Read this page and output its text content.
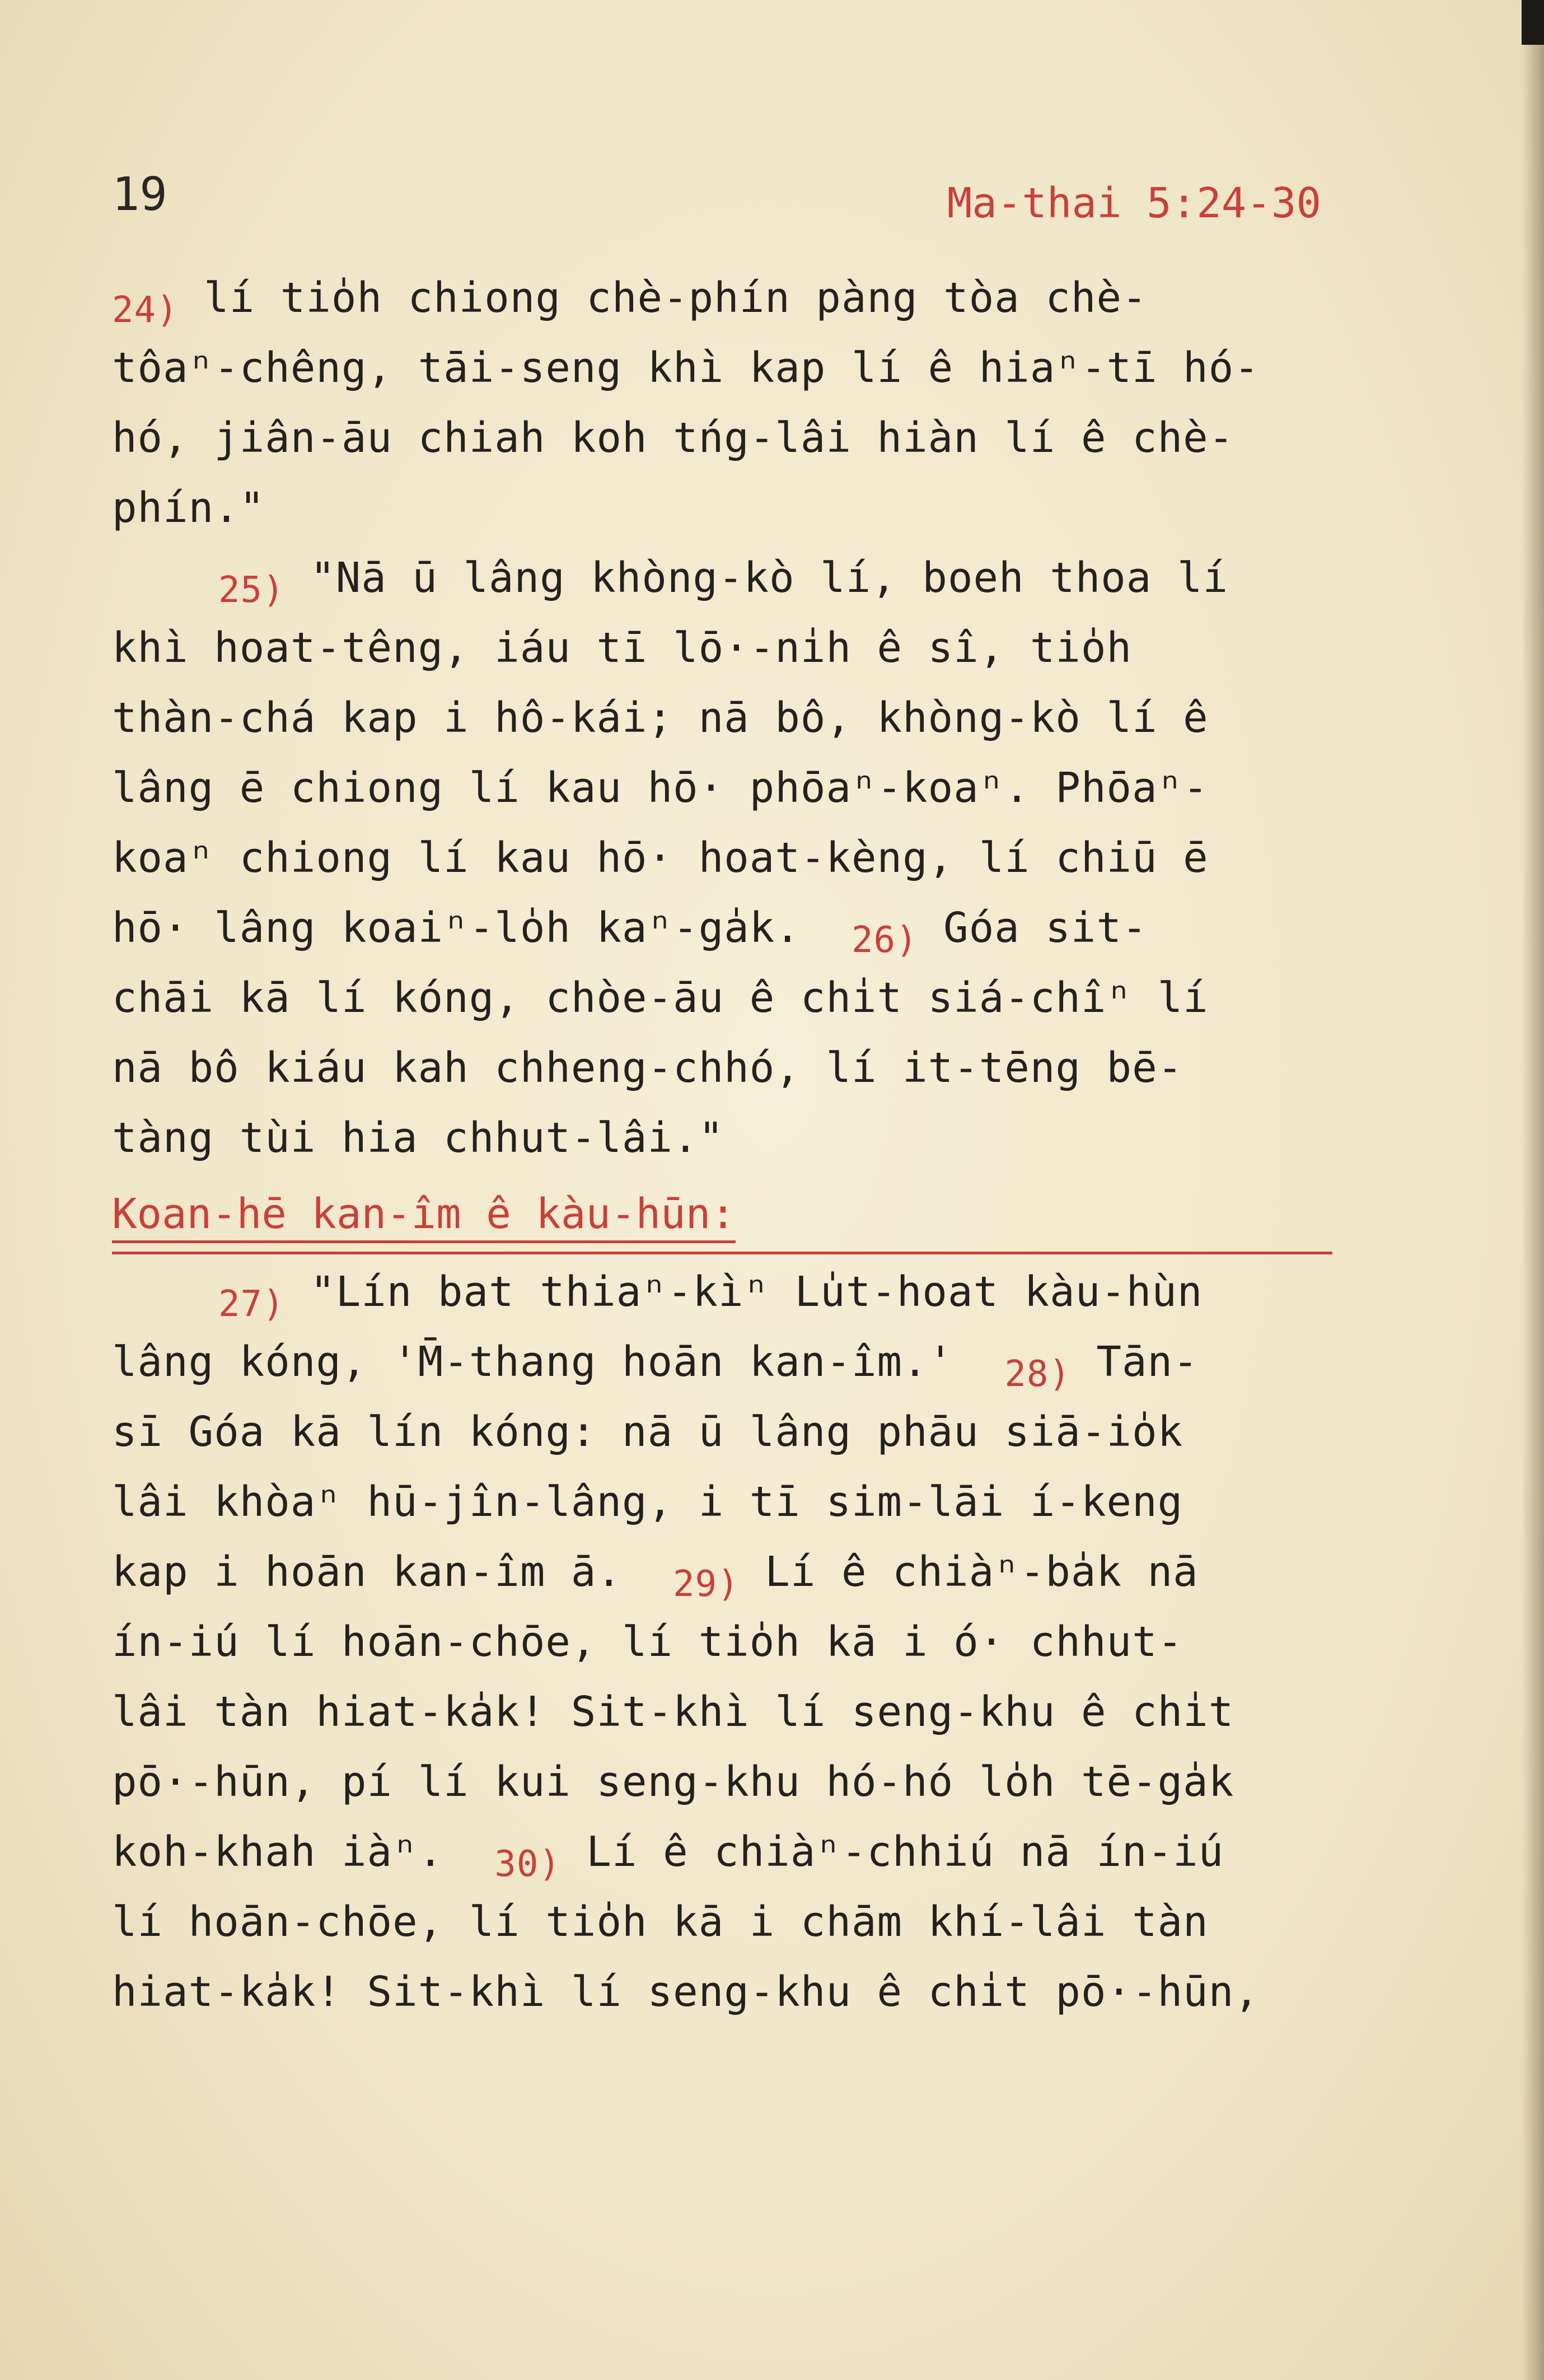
19	Ma-thai 5:24-30
24) lí tio̍h chiong chè-phín pàng tòa chè-
tôaⁿ-chêng, tāi-seng khì kap lí ê hiaⁿ-tī hó-
hó, jiân-āu chiah koh tńg-lâi hiàn lí ê chè-
phín."
25) "Nā ū lâng khòng-kò lí, boeh thoa lí
khì hoat-têng, iáu tī lō·-ni̍h ê sî, tio̍h
thàn-chá kap i hô-kái; nā bô, khòng-kò lí ê
lâng ē chiong lí kau hō· phōaⁿ-koaⁿ. Phōaⁿ-
koaⁿ chiong lí kau hō· hoat-kèng, lí chiū ē
hō· lâng koaiⁿ-lo̍h kaⁿ-ga̍k.  26) Góa sit-
chāi kā lí kóng, chòe-āu ê chi̍t siá-chîⁿ lí
nā bô kiáu kah chheng-chhó, lí it-tēng bē-
tàng tùi hia chhut-lâi."
Koan-hē kan-îm ê kàu-hūn:
27) "Lín bat thiaⁿ-kìⁿ Lu̍t-hoat kàu-hùn
lâng kóng, 'M̄-thang hoān kan-îm.'  28) Tān-
sī Góa kā lín kóng: nā ū lâng phāu siā-io̍k
lâi khòaⁿ hū-jîn-lâng, i tī sim-lāi í-keng
kap i hoān kan-îm ā.  29) Lí ê chiàⁿ-ba̍k nā
ín-iú lí hoān-chōe, lí tio̍h kā i ó· chhut-
lâi tàn hiat-ka̍k! Sit-khì lí seng-khu ê chi̍t
pō·-hūn, pí lí kui seng-khu hó-hó lo̍h tē-ga̍k
koh-khah iàⁿ.  30) Lí ê chiàⁿ-chhiú nā ín-iú
lí hoān-chōe, lí tio̍h kā i chām khí-lâi tàn
hiat-ka̍k! Sit-khì lí seng-khu ê chi̍t pō·-hūn,
